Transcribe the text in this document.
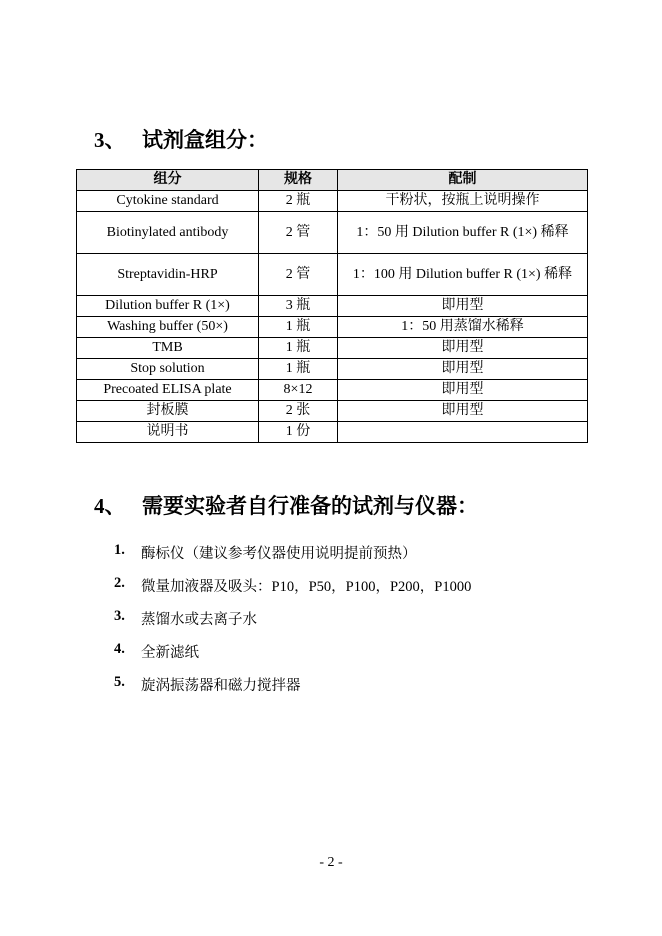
3、 试剂盒组分：
组分	规格	配制
Cytokine standard	2 瓶	干粉状，按瓶上说明操作
Biotinylated antibody	2 管	1：50 用 Dilution buffer R (1×) 稀释
Streptavidin-HRP	2 管	1：100 用 Dilution buffer R (1×) 稀释
Dilution buffer R (1×)	3 瓶	即用型
Washing buffer (50×)	1 瓶	1：50 用蒸馏水稀释
TMB	1 瓶	即用型
Stop solution	1 瓶	即用型
Precoated ELISA plate	8×12	即用型
封板膜	2 张	即用型
说明书	1 份	
4、 需要实验者自行准备的试剂与仪器：
1.	酶标仪（建议参考仪器使用说明提前预热）
2.	微量加液器及吸头：P10，P50，P100，P200，P1000
3.	蒸馏水或去离子水
4.	全新滤纸
5.	旋涡振荡器和磁力搅拌器
- 2 -
